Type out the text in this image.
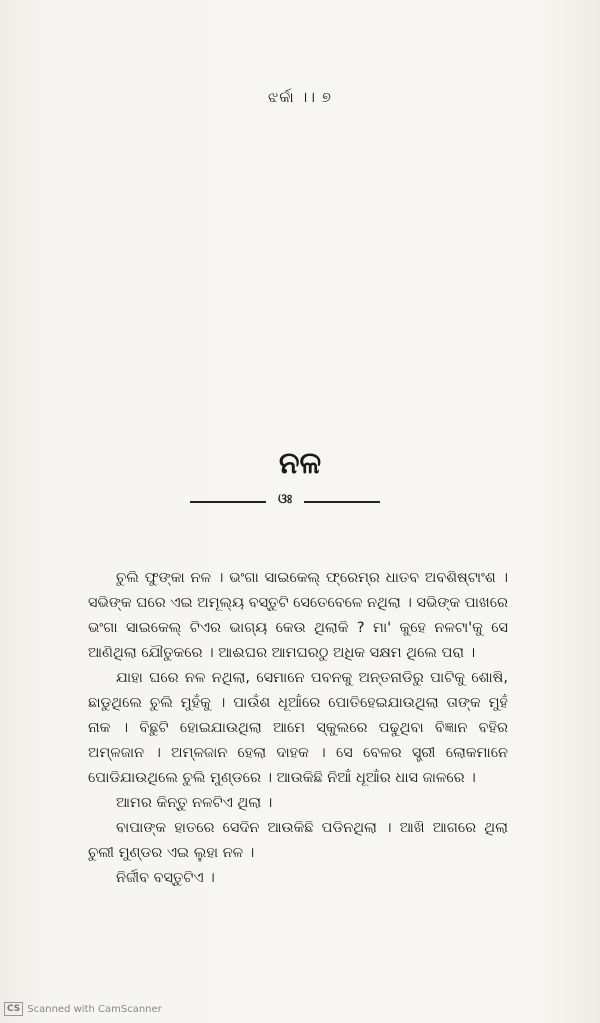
ଝର୍କା ।। ୭
ନଳ
ଓଃ

ଚୁଲି ଫୁଙ୍କା ନଳ । ଭଂଗା ସାଇକେଲ୍ ଫ୍ରେମ୍‌ର ଧାତବ ଅବଶିଷ୍ଟାଂଶ । ସଭିଙ୍କ ଘରେ ଏଇ ଅମୂଲ୍ୟ ବସ୍ତୁଟି ସେତେବେଳେ ନଥିଲା । ସଭିଙ୍କ ପାଖରେ ଭଂଗା ସାଇକେଲ୍ ଟିଏର ଭାଗ୍ୟ କେଉ ଥିଲାକି ? ମା' କୁହେ ନଳଟା'କୁ ସେ ଆଣିଥିଲା ଯୌତୁକରେ । ଆଈଘର ଆମଘରଠୁ ଅଧିକ ସକ୍ଷମ ଥିଲେ ପରା ।

ଯାହା ଘରେ ନଳ ନଥିଲା, ସେମାନେ ପବନକୁ ଅନ୍ତନାଡିରୁ ପାଟିକୁ ଶୋଷି, ଛାଡୁଥିଲେ ଚୁଲି ମୁହଁକୁ । ପାଉଁଶ ଧୂଆଁରେ ପୋତିହେଇଯାଉଥିଲା ତାଙ୍କ ମୁହଁ ନାକ । ବିଛୁଟି ହୋଇଯାଉଥିଲା ଆମେ ସ୍କୁଲରେ ପଢୁଥିବା ବିଜ୍ଞାନ ବହିର ଅମ୍ଳଜାନ । ଅମ୍ଳଜାନ ହେଲା ଦାହକ । ସେ ବେଳର ସ୍ତ୍ରୀ ଲୋକମାନେ ପୋଡିଯାଉଥିଲେ ଚୁଲି ମୁଣ୍ଡରେ । ଆଉକିଛି ନିଆଁ ଧୂଆଁର ଧାସ ଜାଳରେ ।

ଆମର କିନ୍ତୁ ନଳଟିଏ ଥିଲା ।

ବାପାଙ୍କ ହାତରେ ସେଦିନ ଆଉକିଛି ପଡିନଥିଲା । ଆଖି ଆଗରେ ଥିଲା ଚୁଲୀ ମୁଣ୍ଡର ଏଇ ଲୁହା ନଳ ।

ନିର୍ଜୀବ ବସ୍ତୁଟିଏ ।

CS Scanned with CamScanner
